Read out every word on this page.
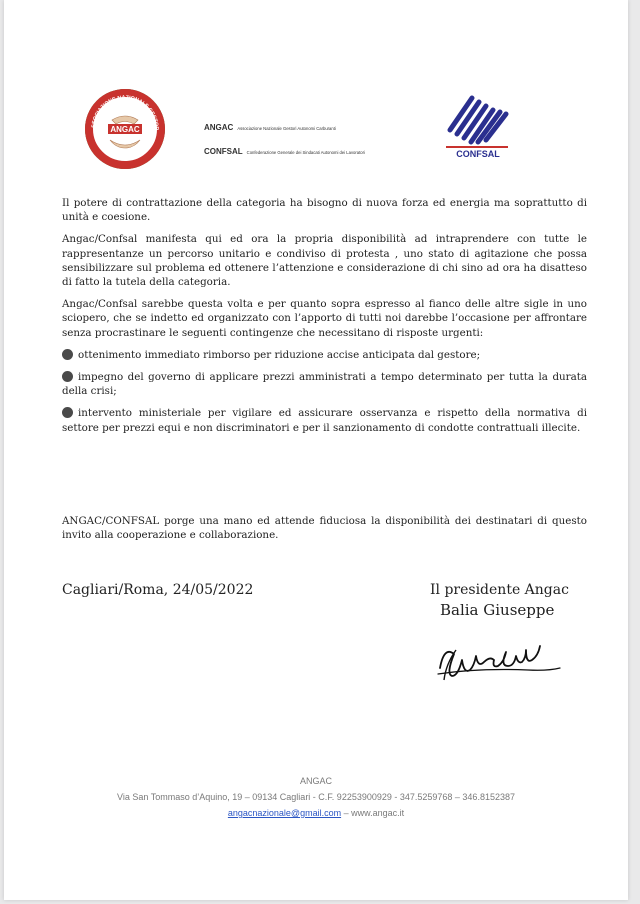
SSOCIAZIONE NAZIONALE GESTOR
AUTONOMI CARBURANTI
ANGAC	ANGAC Associazione Nazionale Gestori Autonomi Carburanti
CONFSAL Confederazione Generale dei Sindacati Autonomi dei Lavoratori	CONFSAL

Il potere di contrattazione della categoria ha bisogno di nuova forza ed energia ma soprattutto di unità e coesione.

Angac/Confsal manifesta qui ed ora la propria disponibilità ad intraprendere con tutte le rappresentanze un percorso unitario e condiviso di protesta , uno stato di agitazione che possa sensibilizzare sul problema ed ottenere l’attenzione e considerazione di chi sino ad ora ha disatteso di fatto la tutela della categoria.

Angac/Confsal sarebbe questa volta e per quanto sopra espresso al fianco delle altre sigle in uno sciopero, che se indetto ed organizzato con l’apporto di tutti noi darebbe l’occasione per affrontare senza procrastinare le seguenti contingenze che necessitano di risposte urgenti:

ottenimento immediato rimborso per riduzione accise anticipata dal gestore;

impegno del governo di applicare prezzi amministrati a tempo determinato per tutta la durata della crisi;

intervento ministeriale per vigilare ed assicurare osservanza e rispetto della normativa di settore per prezzi equi e non discriminatori e per il sanzionamento di condotte contrattuali illecite.

ANGAC/CONFSAL porge una mano ed attende fiduciosa la disponibilità dei destinatari di questo invito alla cooperazione e collaborazione.
Cagliari/Roma, 24/05/2022	Il presidente Angac
Balia Giuseppe
ANGAC
Via San Tommaso d’Aquino, 19 – 09134 Cagliari - C.F. 92253900929 - 347.5259768 – 346.8152387
angacnazionale@gmail.com – www.angac.it
